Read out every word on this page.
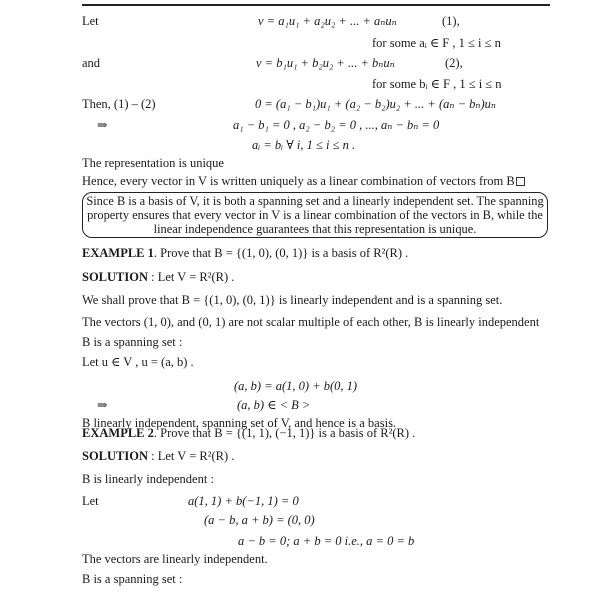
Let	v = a₁u₁ + a₂u₂ + ... + aₙuₙ	(1),
for some aᵢ ∈ F , 1 ≤ i ≤ n
and	v = b₁u₁ + b₂u₂ + ... + bₙuₙ	(2),
for some bᵢ ∈ F , 1 ≤ i ≤ n
Then, (1) – (2)	0 = (a₁ − b₁)u₁ + (a₂ − b₂)u₂ + ... + (aₙ − bₙ)uₙ
⇒	a₁ − b₁ = 0 , a₂ − b₂ = 0 , ..., aₙ − bₙ = 0
aᵢ = bᵢ ∀ i, 1 ≤ i ≤ n .
The representation is unique
Hence, every vector in V is written uniquely as a linear combination of vectors from B
Since B is a basis of V, it is both a spanning set and a linearly independent set. The spanning
property ensures that every vector in V is a linear combination of the vectors in B, while the
linear independence guarantees that this representation is unique.
EXAMPLE 1. Prove that B = {(1, 0), (0, 1)} is a basis of R²(R) .
SOLUTION : Let V = R²(R) .
We shall prove that B = {(1, 0), (0, 1)} is linearly independent and is a spanning set.
The vectors (1, 0), and (0, 1) are not scalar multiple of each other, B is linearly independent
B is a spanning set :
Let u ∈ V , u = (a, b) .
(a, b) = a(1, 0) + b(0, 1)
⇒	(a, b) ∈ < B >
B linearly independent, spanning set of V, and hence is a basis.
EXAMPLE 2. Prove that B = {(1, 1), (−1, 1)} is a basis of R²(R) .
SOLUTION : Let V = R²(R) .
B is linearly independent :
Let	a(1, 1) + b(−1, 1) = 0
(a − b, a + b) = (0, 0)
a − b = 0; a + b = 0 i.e., a = 0 = b
The vectors are linearly independent.
B is a spanning set :
